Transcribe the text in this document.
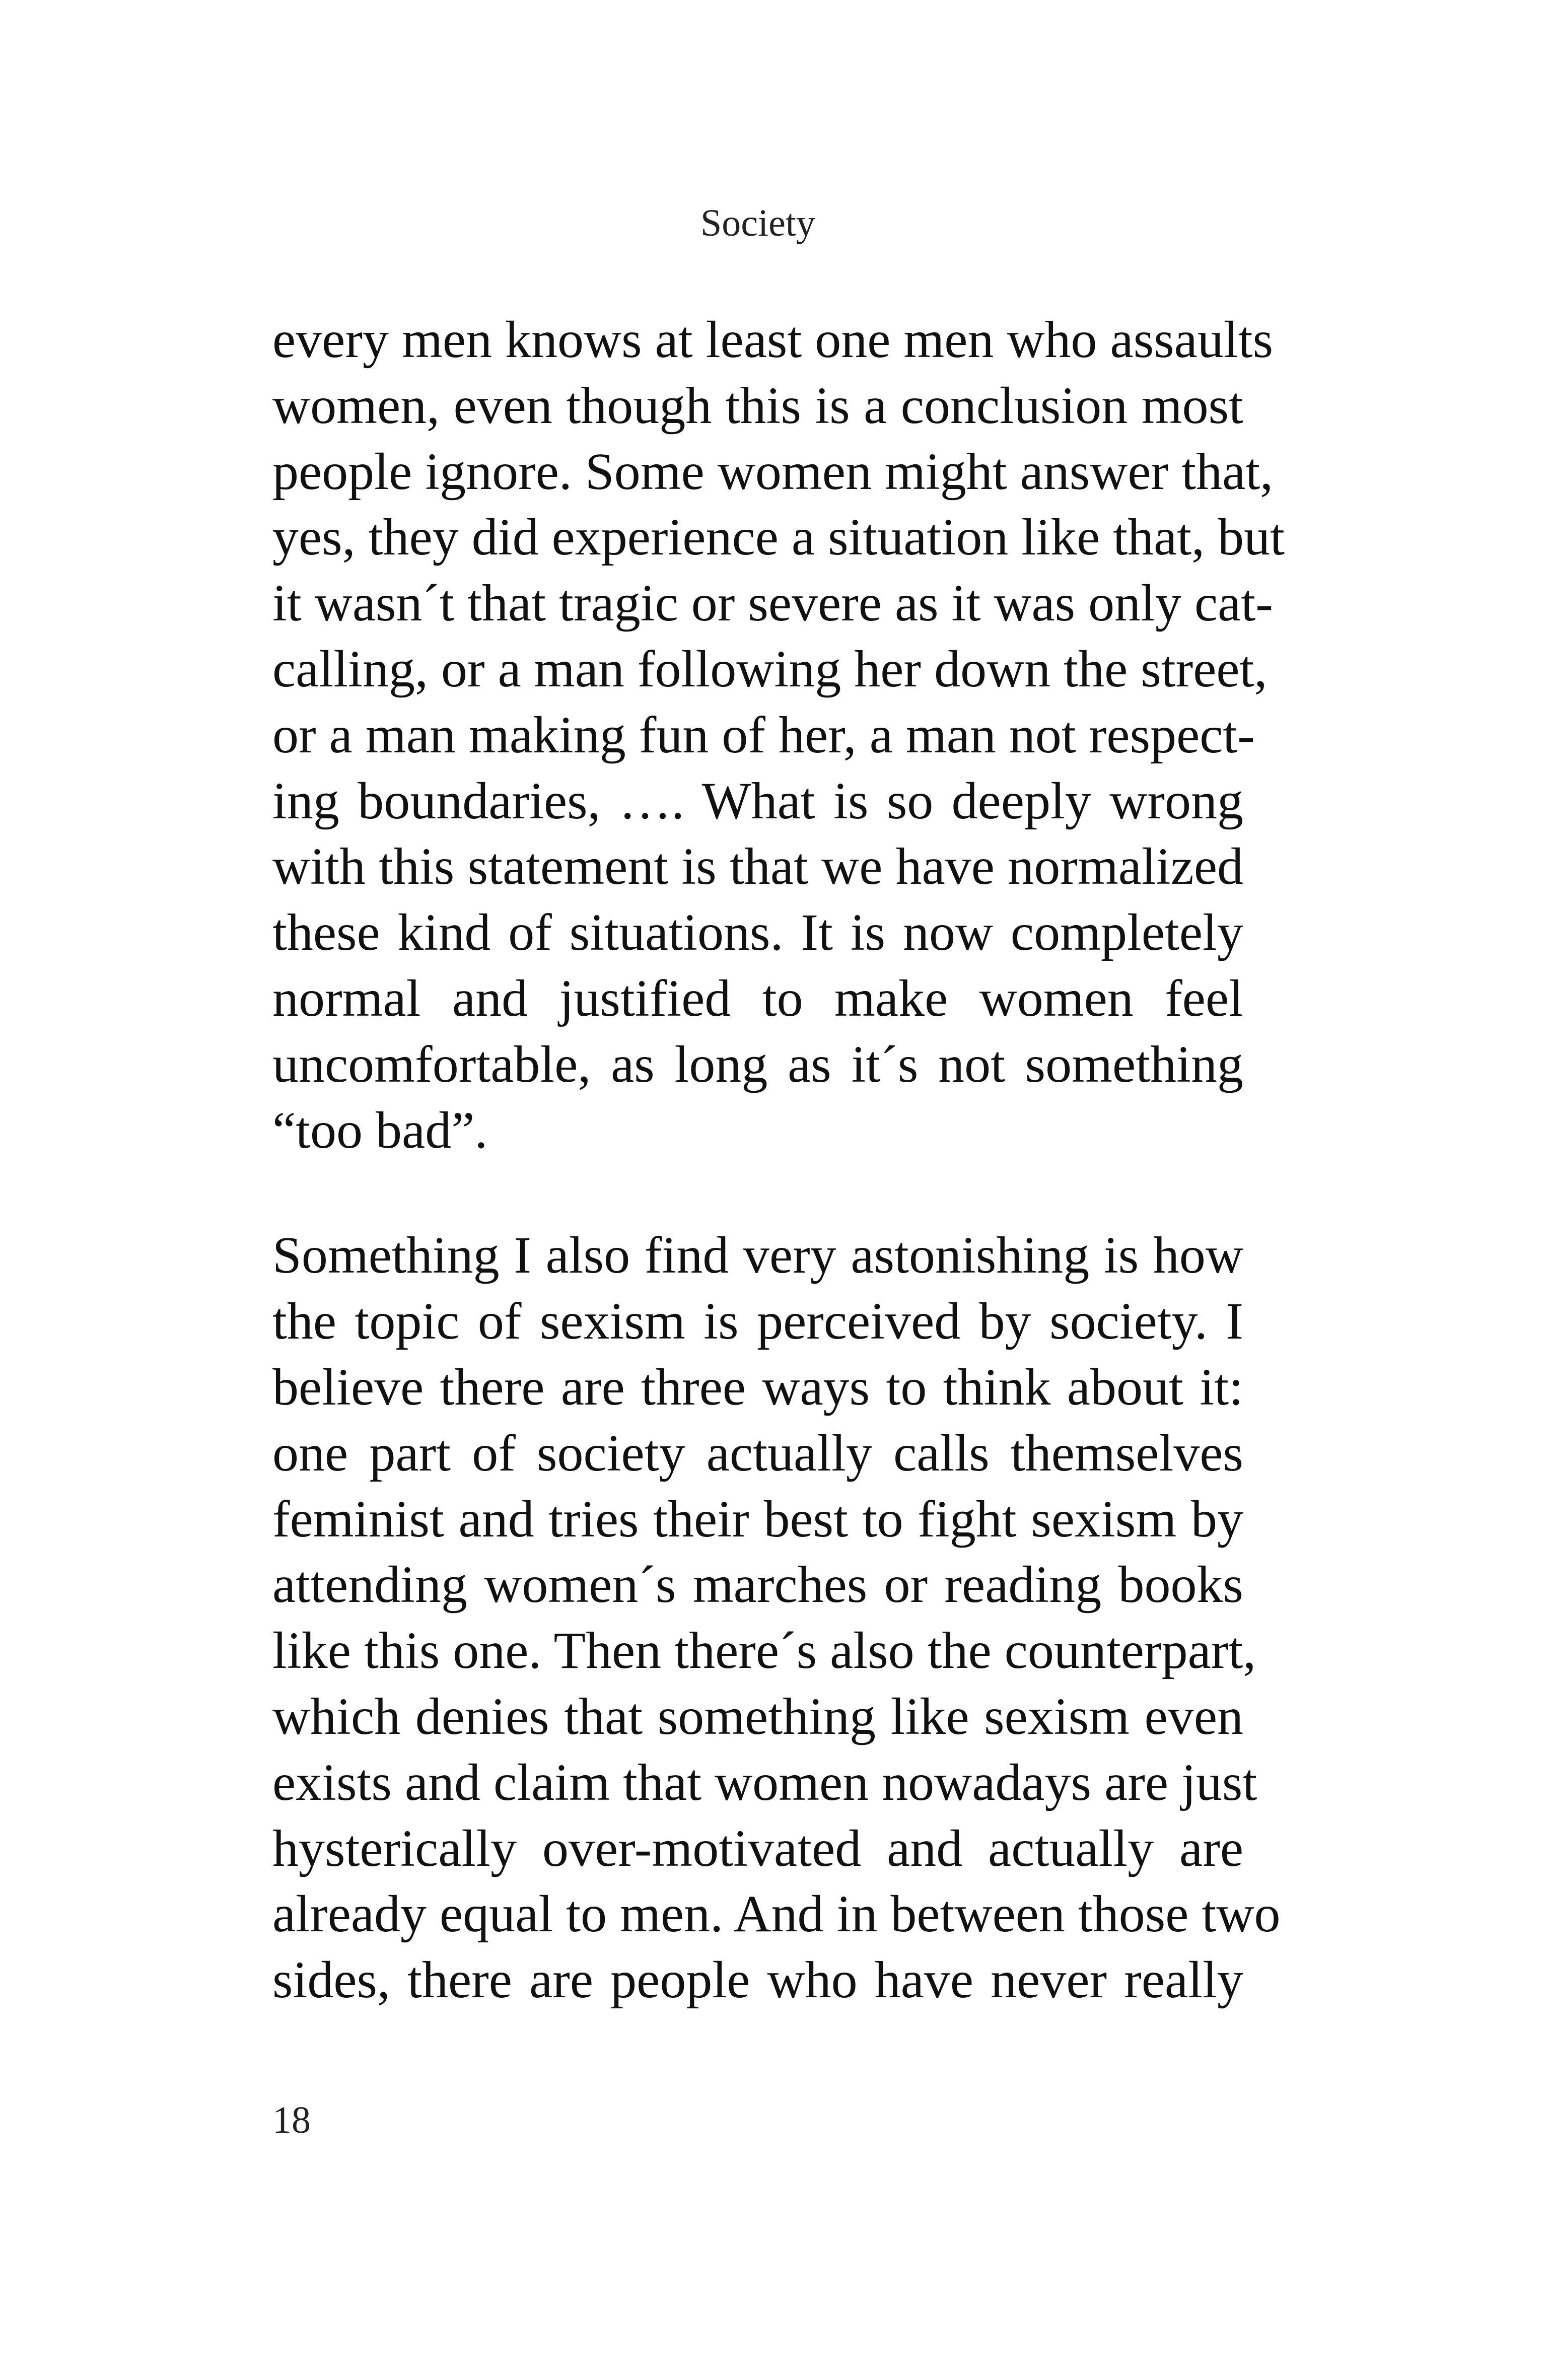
Society
every men knows at least one men who assaults
women, even though this is a conclusion most
people ignore. Some women might answer that,
yes, they did experience a situation like that, but
it wasn´t that tragic or severe as it was only cat-
calling, or a man following her down the street,
or a man making fun of her, a man not respect-
ing boundaries, …. What is so deeply wrong
with this statement is that we have normalized
these kind of situations. It is now completely
normal and justified to make women feel
uncomfortable, as long as it´s not something
“too bad”.
Something I also find very astonishing is how
the topic of sexism is perceived by society. I
believe there are three ways to think about it:
one part of society actually calls themselves
feminist and tries their best to fight sexism by
attending women´s marches or reading books
like this one. Then there´s also the counterpart,
which denies that something like sexism even
exists and claim that women nowadays are just
hysterically over-motivated and actually are
already equal to men. And in between those two
sides, there are people who have never really
18
